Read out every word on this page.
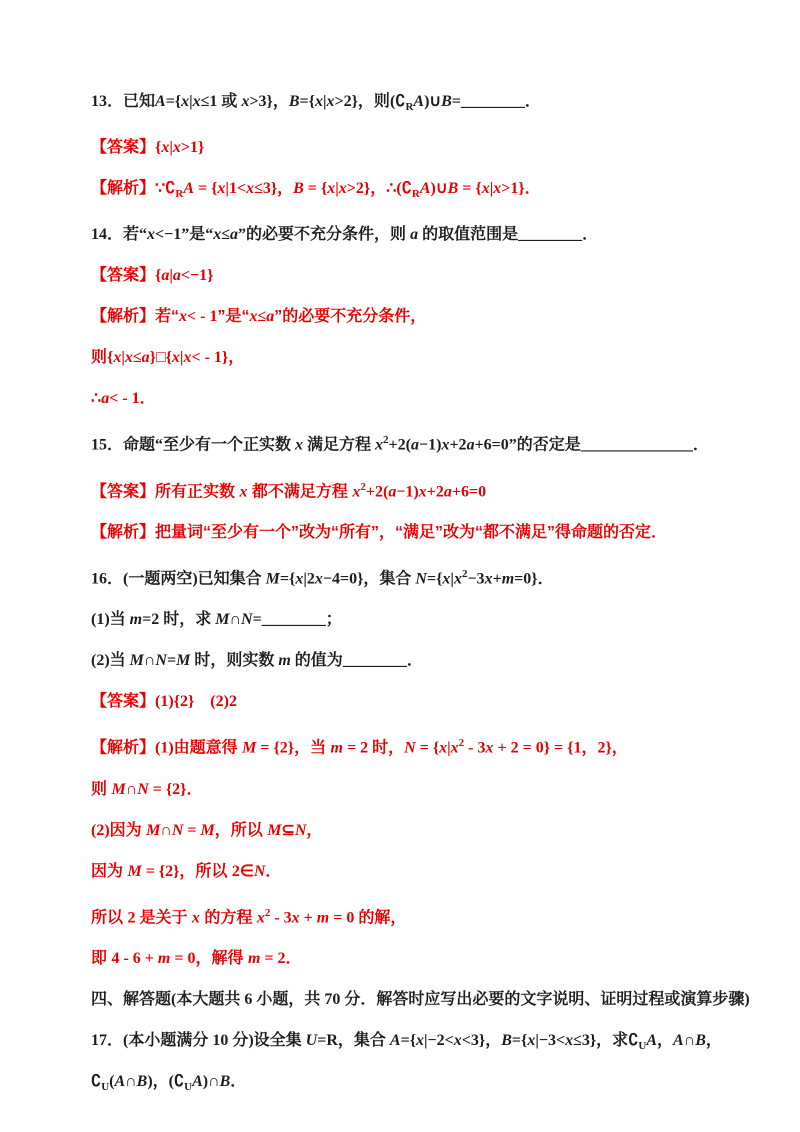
13．已知A={x|x≤1 或 x>3}，B={x|x>2}，则$(∁_RA)\cup B=\_\_\_\_\_\_\_\_$．
【答案】{x|x>1}
【解析】$\because∁_RA = \{x|1<x\le 3\}$，B = {x|x>2}，$\therefore(∁_RA)\cup B = \{x|x>1\}$．
14．若“x<−1”是“x≤a”的必要不充分条件，则 a 的取值范围是________．
【答案】{a|a<−1}
【解析】若“x< - 1”是“x≤a”的必要不充分条件，
则{x|x≤a}□{x|x< - 1}，
∴a< - 1．
15．命题“至少有一个正实数 x 满足方程 $x^2+2(a-1)x+2a+6=0$”的否定是______________．
【答案】所有正实数 x 都不满足方程 $x^2+2(a-1)x+2a+6=0$
【解析】把量词“至少有一个”改为“所有”，“满足”改为“都不满足”得命题的否定．
16．(一题两空)已知集合 M={x|2x−4=0}，集合 $N=\{x|x^2-3x+m=0\}$．
(1)当 m=2 时，求 M∩N=________；
(2)当 M∩N=M 时，则实数 m 的值为________．
【答案】(1){2}　 (2)2
【解析】(1)由题意得 M = {2}，当 m = 2 时，$N = \{x|x^2 - 3x + 2 = 0\} = \{1$，2}，
则 M∩N = {2}．
(2)因为 M∩N = M，所以 M⊆N，
因为 M = {2}，所以 2∈N．
所以 2 是关于 x 的方程 $x^2 - 3x + m = 0$ 的解，
即 4 - 6 + m = 0，解得 m = 2．
四、解答题(本大题共 6 小题，共 70 分．解答时应写出必要的文字说明、证明过程或演算步骤)
17．(本小题满分 10 分)设全集 U=R，集合 A={x|−2<x<3}，B={x|−3<x≤3}，求$∁_UA$，A∩B，$∁_U(A\cap B)$，$(∁_UA)\cap B$．
